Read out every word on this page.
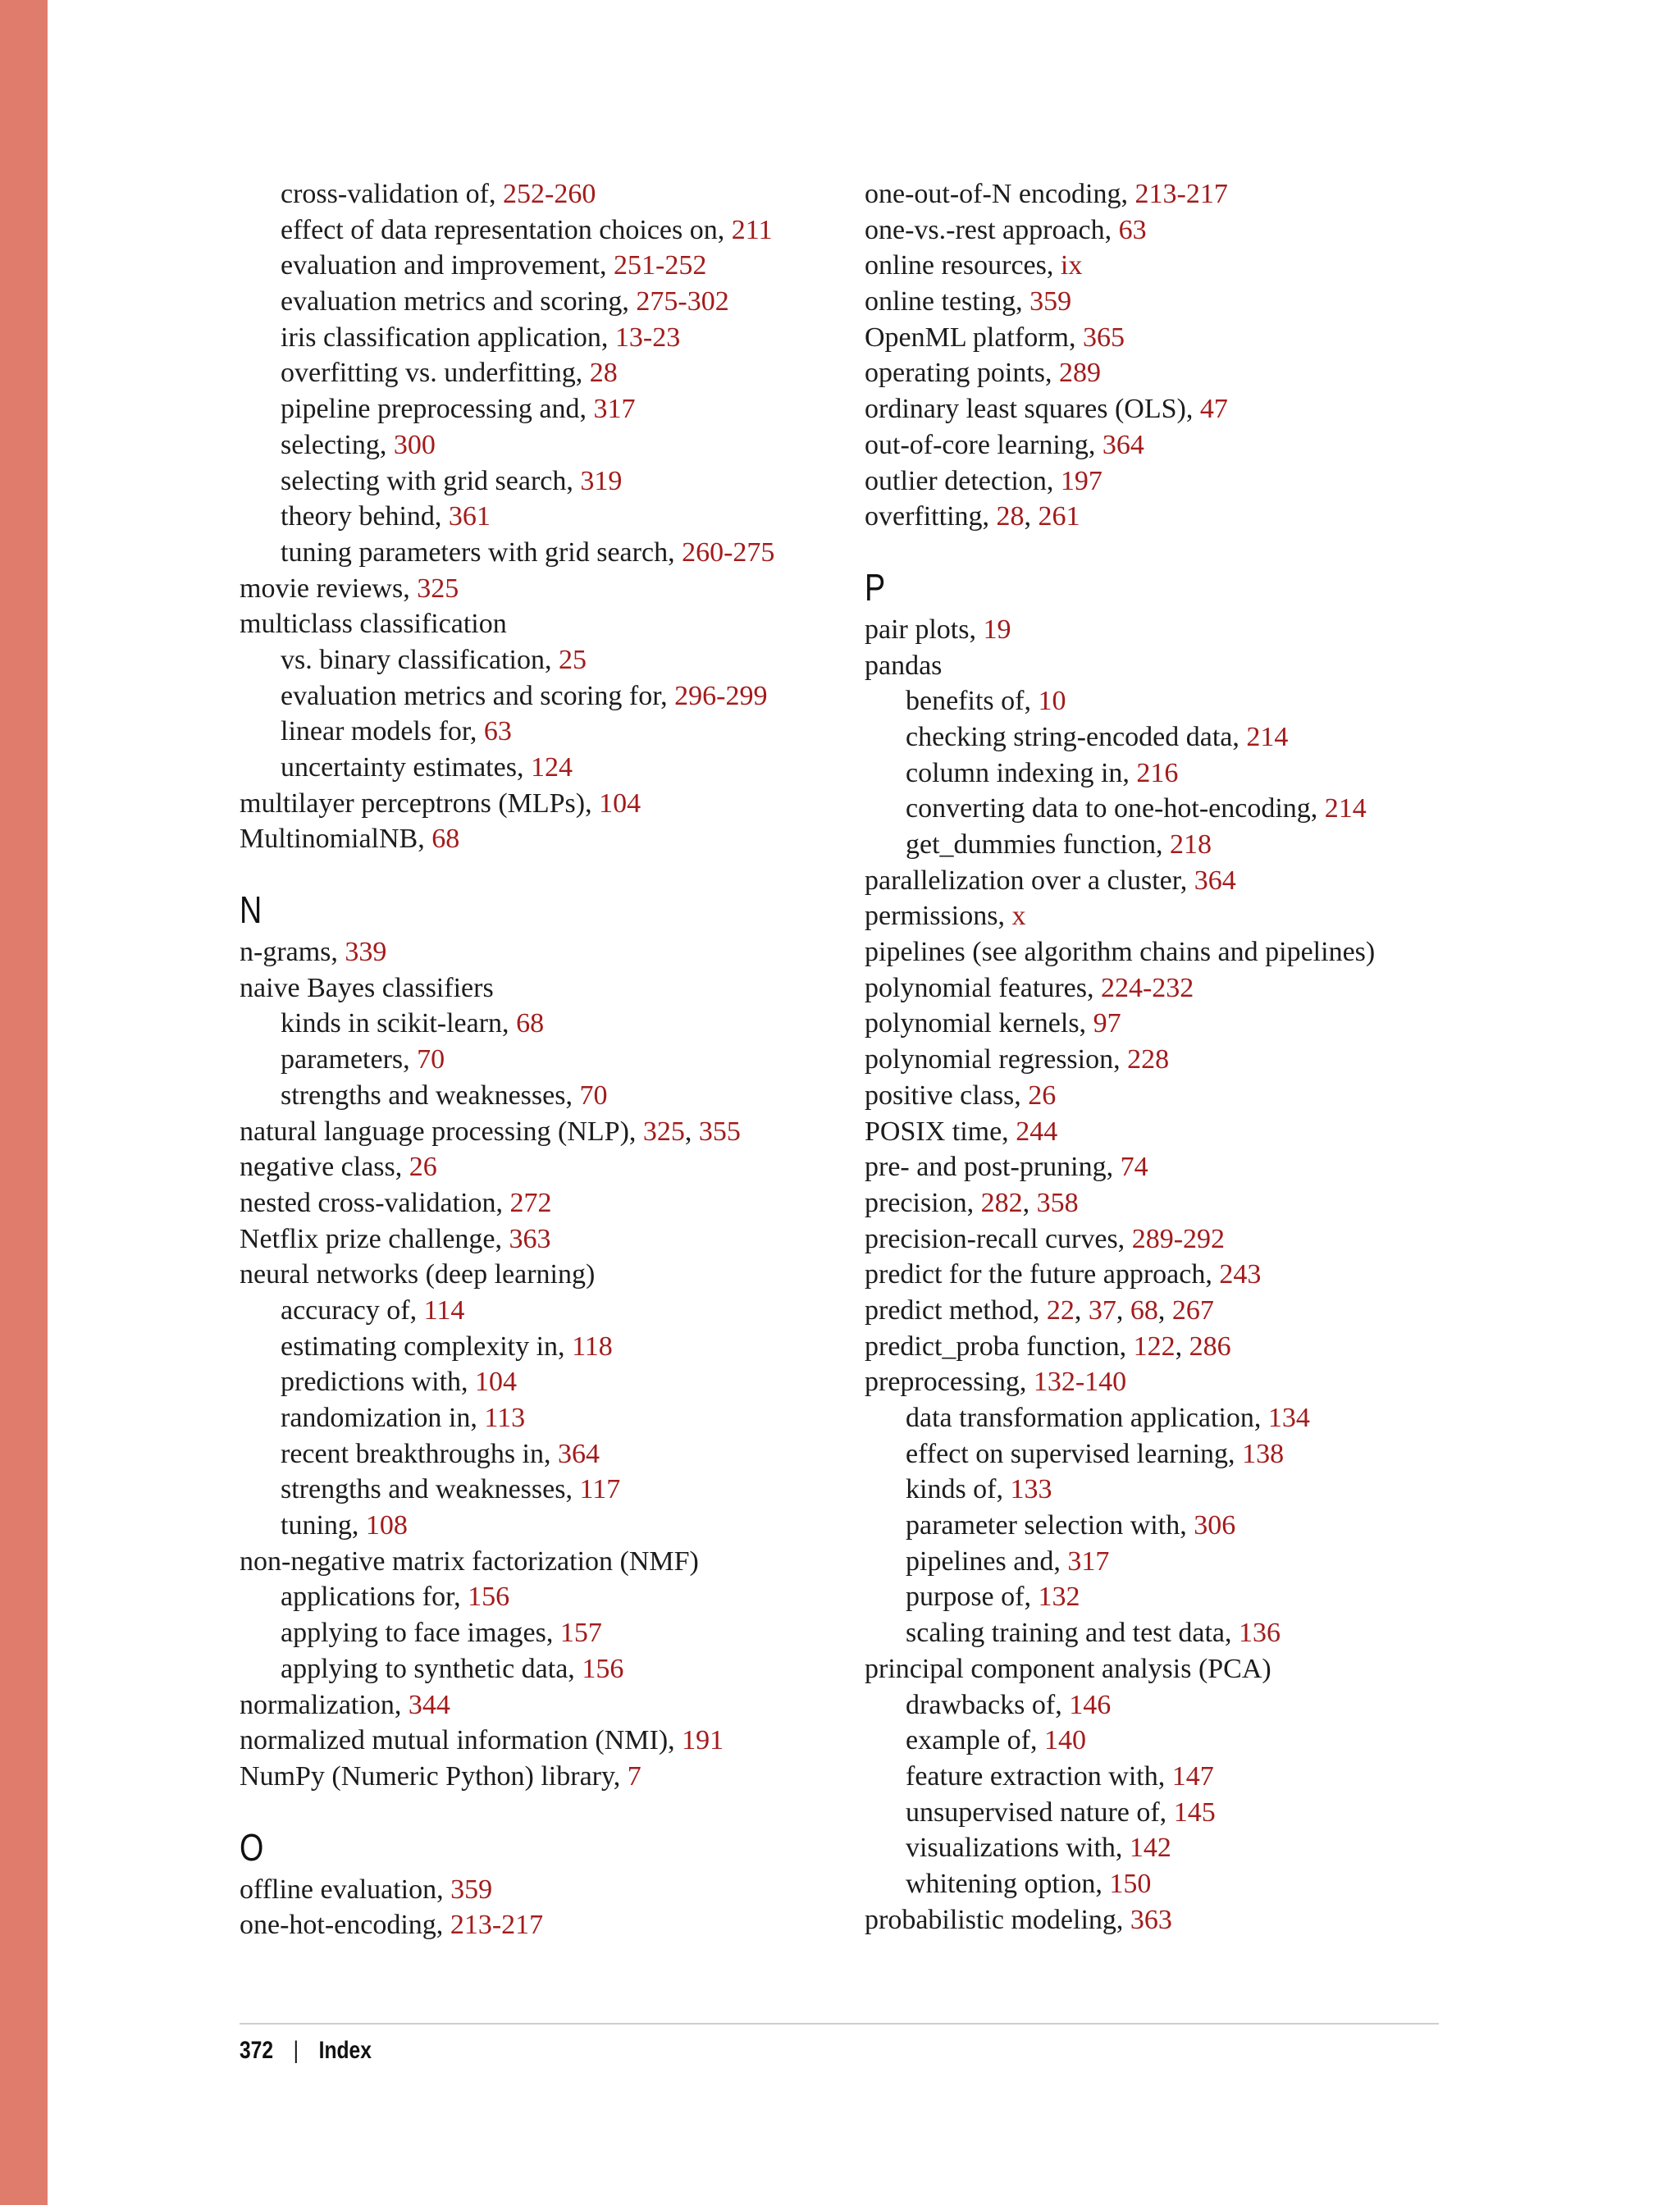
cross-validation of, 252-260
effect of data representation choices on, 211
evaluation and improvement, 251-252
evaluation metrics and scoring, 275-302
iris classification application, 13-23
overfitting vs. underfitting, 28
pipeline preprocessing and, 317
selecting, 300
selecting with grid search, 319
theory behind, 361
tuning parameters with grid search, 260-275
movie reviews, 325
multiclass classification
vs. binary classification, 25
evaluation metrics and scoring for, 296-299
linear models for, 63
uncertainty estimates, 124
multilayer perceptrons (MLPs), 104
MultinomialNB, 68
N
n-grams, 339
naive Bayes classifiers
kinds in scikit-learn, 68
parameters, 70
strengths and weaknesses, 70
natural language processing (NLP), 325, 355
negative class, 26
nested cross-validation, 272
Netflix prize challenge, 363
neural networks (deep learning)
accuracy of, 114
estimating complexity in, 118
predictions with, 104
randomization in, 113
recent breakthroughs in, 364
strengths and weaknesses, 117
tuning, 108
non-negative matrix factorization (NMF)
applications for, 156
applying to face images, 157
applying to synthetic data, 156
normalization, 344
normalized mutual information (NMI), 191
NumPy (Numeric Python) library, 7
O
offline evaluation, 359
one-hot-encoding, 213-217
one-out-of-N encoding, 213-217
one-vs.-rest approach, 63
online resources, ix
online testing, 359
OpenML platform, 365
operating points, 289
ordinary least squares (OLS), 47
out-of-core learning, 364
outlier detection, 197
overfitting, 28, 261
P
pair plots, 19
pandas
benefits of, 10
checking string-encoded data, 214
column indexing in, 216
converting data to one-hot-encoding, 214
get_dummies function, 218
parallelization over a cluster, 364
permissions, x
pipelines (see algorithm chains and pipelines)
polynomial features, 224-232
polynomial kernels, 97
polynomial regression, 228
positive class, 26
POSIX time, 244
pre- and post-pruning, 74
precision, 282, 358
precision-recall curves, 289-292
predict for the future approach, 243
predict method, 22, 37, 68, 267
predict_proba function, 122, 286
preprocessing, 132-140
data transformation application, 134
effect on supervised learning, 138
kinds of, 133
parameter selection with, 306
pipelines and, 317
purpose of, 132
scaling training and test data, 136
principal component analysis (PCA)
drawbacks of, 146
example of, 140
feature extraction with, 147
unsupervised nature of, 145
visualizations with, 142
whitening option, 150
probabilistic modeling, 363
372 | Index
